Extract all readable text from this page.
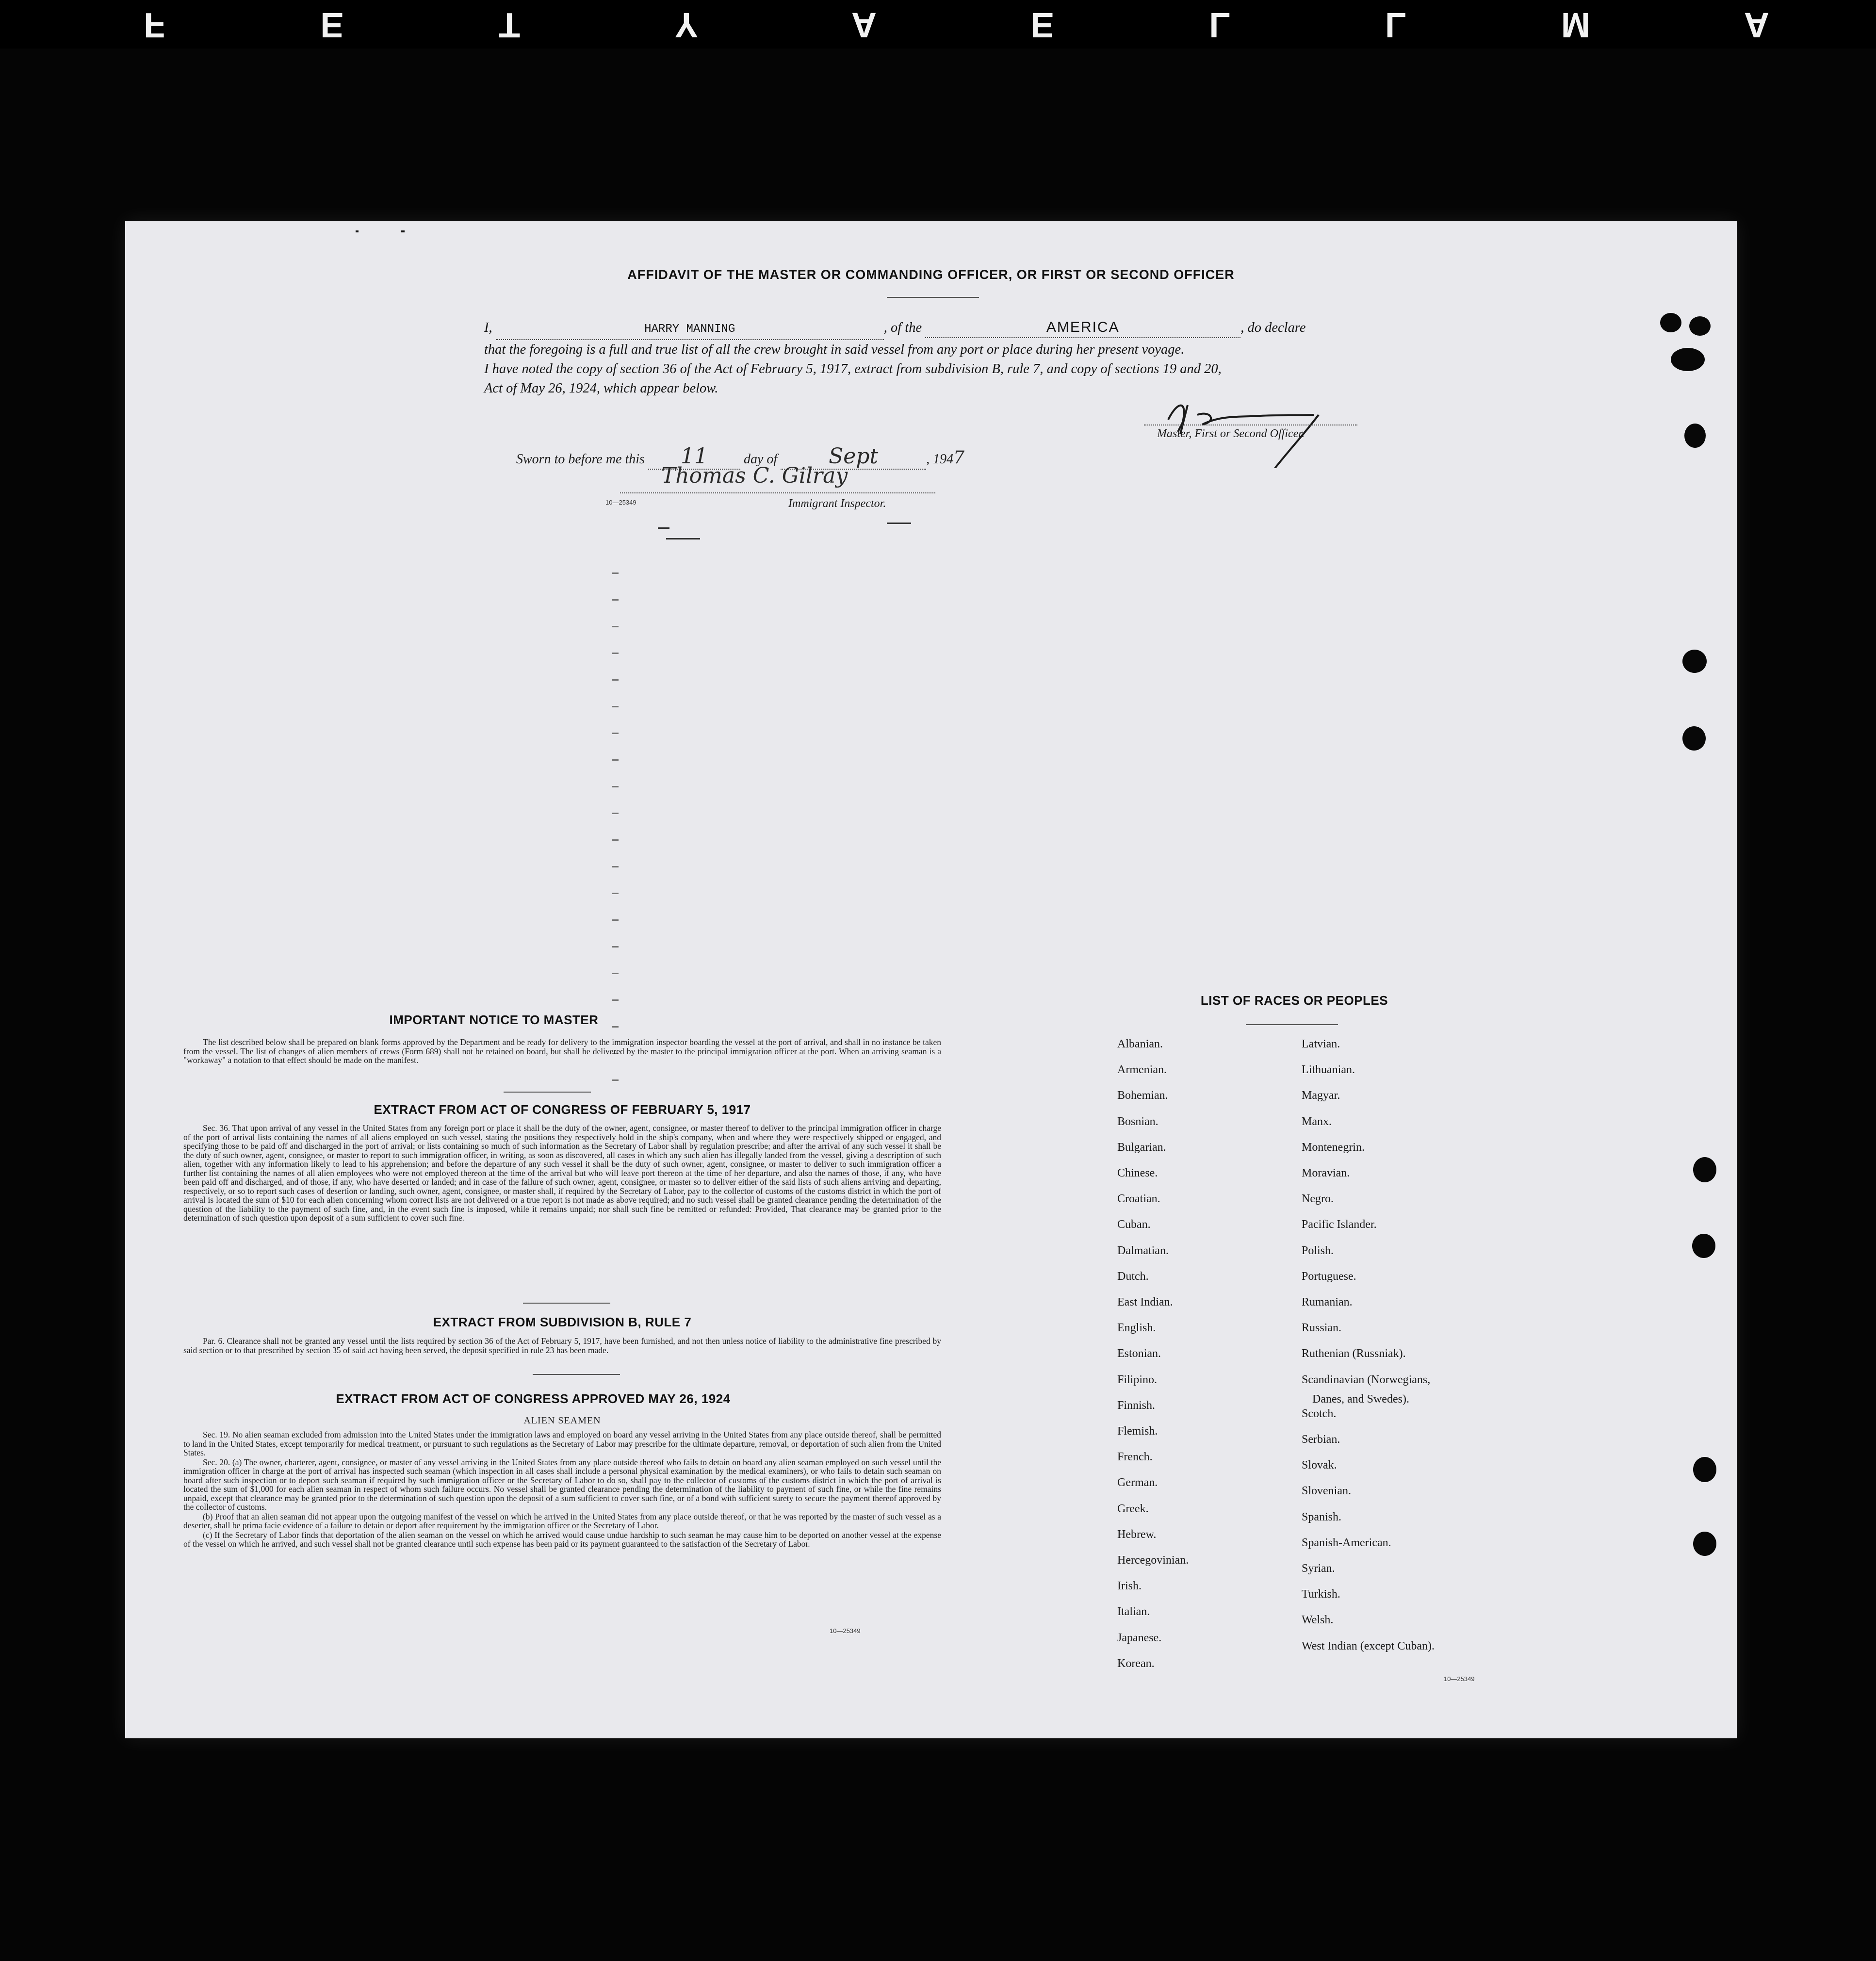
F E T Y A E L L M A
AFFIDAVIT OF THE MASTER OR COMMANDING OFFICER, OR FIRST OR SECOND OFFICER
I,	HARRY MANNING	, of the	AMERICA	, do declare
that the foregoing is a full and true list of all the crew brought in said vessel from any port or place during her present voyage.
I have noted the copy of section 36 of the Act of February 5, 1917, extract from subdivision B, rule 7, and copy of sections 19 and 20,
Act of May 26, 1924, which appear below.
Master, First or Second Officer.
Sworn to before me this 11	day of Sept	, 1947
Thomas C. Gilray
10—25349	Immigrant Inspector.
IMPORTANT NOTICE TO MASTER

The list described below shall be prepared on blank forms approved by the Department and be ready for delivery to the immigration inspector boarding the vessel at the port of arrival, and shall in no instance be taken from the vessel. The list of changes of alien members of crews (Form 689) shall not be retained on board, but shall be delivered by the master to the principal immigration officer at the port. When an arriving seaman is a "workaway" a notation to that effect should be made on the manifest.

EXTRACT FROM ACT OF CONGRESS OF FEBRUARY 5, 1917

Sec. 36. That upon arrival of any vessel in the United States from any foreign port or place it shall be the duty of the owner, agent, consignee, or master thereof to deliver to the principal immigration officer in charge of the port of arrival lists containing the names of all aliens employed on such vessel, stating the positions they respectively hold in the ship's company, when and where they were respectively shipped or engaged, and specifying those to be paid off and discharged in the port of arrival; or lists containing so much of such information as the Secretary of Labor shall by regulation prescribe; and after the arrival of any such vessel it shall be the duty of such owner, agent, consignee, or master to report to such immigration officer, in writing, as soon as discovered, all cases in which any such alien has illegally landed from the vessel, giving a description of such alien, together with any information likely to lead to his apprehension; and before the departure of any such vessel it shall be the duty of such owner, agent, consignee, or master to deliver to such immigration officer a further list containing the names of all alien employees who were not employed thereon at the time of the arrival but who will leave port thereon at the time of her departure, and also the names of those, if any, who have been paid off and discharged, and of those, if any, who have deserted or landed; and in case of the failure of such owner, agent, consignee, or master so to deliver either of the said lists of such aliens arriving and departing, respectively, or so to report such cases of desertion or landing, such owner, agent, consignee, or master shall, if required by the Secretary of Labor, pay to the collector of customs of the customs district in which the port of arrival is located the sum of $10 for each alien concerning whom correct lists are not delivered or a true report is not made as above required; and no such vessel shall be granted clearance pending the determination of the question of the liability to the payment of such fine, and, in the event such fine is imposed, while it remains unpaid; nor shall such fine be remitted or refunded: Provided, That clearance may be granted prior to the determination of such question upon deposit of a sum sufficient to cover such fine.

EXTRACT FROM SUBDIVISION B, RULE 7

Par. 6. Clearance shall not be granted any vessel until the lists required by section 36 of the Act of February 5, 1917, have been furnished, and not then unless notice of liability to the administrative fine prescribed by said section or to that prescribed by section 35 of said act having been served, the deposit specified in rule 23 has been made.

EXTRACT FROM ACT OF CONGRESS APPROVED MAY 26, 1924
ALIEN SEAMEN

Sec. 19. No alien seaman excluded from admission into the United States under the immigration laws and employed on board any vessel arriving in the United States from any place outside thereof, shall be permitted to land in the United States, except temporarily for medical treatment, or pursuant to such regulations as the Secretary of Labor may prescribe for the ultimate departure, removal, or deportation of such alien from the United States.

Sec. 20. (a) The owner, charterer, agent, consignee, or master of any vessel arriving in the United States from any place outside thereof who fails to detain on board any alien seaman employed on such vessel until the immigration officer in charge at the port of arrival has inspected such seaman (which inspection in all cases shall include a personal physical examination by the medical examiners), or who fails to detain such seaman on board after such inspection or to deport such seaman if required by such immigration officer or the Secretary of Labor to do so, shall pay to the collector of customs of the customs district in which the port of arrival is located the sum of $1,000 for each alien seaman in respect of whom such failure occurs. No vessel shall be granted clearance pending the determination of the liability to payment of such fine, or while the fine remains unpaid, except that clearance may be granted prior to the determination of such question upon the deposit of a sum sufficient to cover such fine, or of a bond with sufficient surety to secure the payment thereof approved by the collector of customs.

(b) Proof that an alien seaman did not appear upon the outgoing manifest of the vessel on which he arrived in the United States from any place outside thereof, or that he was reported by the master of such vessel as a deserter, shall be prima facie evidence of a failure to detain or deport after requirement by the immigration officer or the Secretary of Labor.

(c) If the Secretary of Labor finds that deportation of the alien seaman on the vessel on which he arrived would cause undue hardship to such seaman he may cause him to be deported on another vessel at the expense of the vessel on which he arrived, and such vessel shall not be granted clearance until such expense has been paid or its payment guaranteed to the satisfaction of the Secretary of Labor.

10—25349
LIST OF RACES OR PEOPLES
Albanian.
Armenian.
Bohemian.
Bosnian.
Bulgarian.
Chinese.
Croatian.
Cuban.
Dalmatian.
Dutch.
East Indian.
English.
Estonian.
Filipino.
Finnish.
Flemish.
French.
German.
Greek.
Hebrew.
Hercegovinian.
Irish.
Italian.
Japanese.
Korean.
Latvian.
Lithuanian.
Magyar.
Manx.
Montenegrin.
Moravian.
Negro.
Pacific Islander.
Polish.
Portuguese.
Rumanian.
Russian.
Ruthenian (Russniak).
Scandinavian (Norwegians,
Scotch.
Serbian.
Slovak.
Slovenian.
Spanish.
Spanish-American.
Syrian.
Turkish.
Welsh.
West Indian (except Cuban).
Danes, and Swedes).
10—25349
